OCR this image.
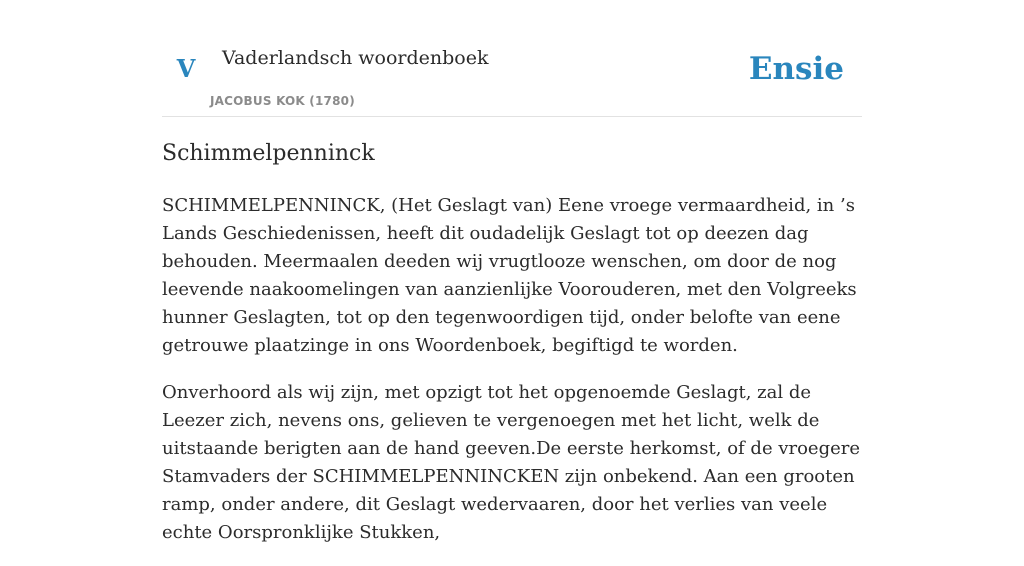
V Vaderlandsch woordenboek
JACOBUS KOK (1780)
Ensie
Schimmelpenninck

SCHIMMELPENNINCK, (Het Geslagt van) Eene vroege vermaardheid, in ’s Lands Geschiedenissen, heeft dit oudadelijk Geslagt tot op deezen dag behouden. Meermaalen deeden wij vrugtlooze wenschen, om door de nog leevende naakoomelingen van aanzienlijke Voorouderen, met den Volgreeks hunner Geslagten, tot op den tegenwoordigen tijd, onder belofte van eene getrouwe plaatzinge in ons Woordenboek, begiftigd te worden.

Onverhoord als wij zijn, met opzigt tot het opgenoemde Geslagt, zal de Leezer zich, nevens ons, gelieven te vergenoegen met het licht, welk de uitstaande berigten aan de hand geeven.De eerste herkomst, of de vroegere Stamvaders der SCHIMMELPENNINCKEN zijn onbekend. Aan een grooten ramp, onder andere, dit Geslagt wedervaaren, door het verlies van veele echte Oorspronklijke Stukken,
